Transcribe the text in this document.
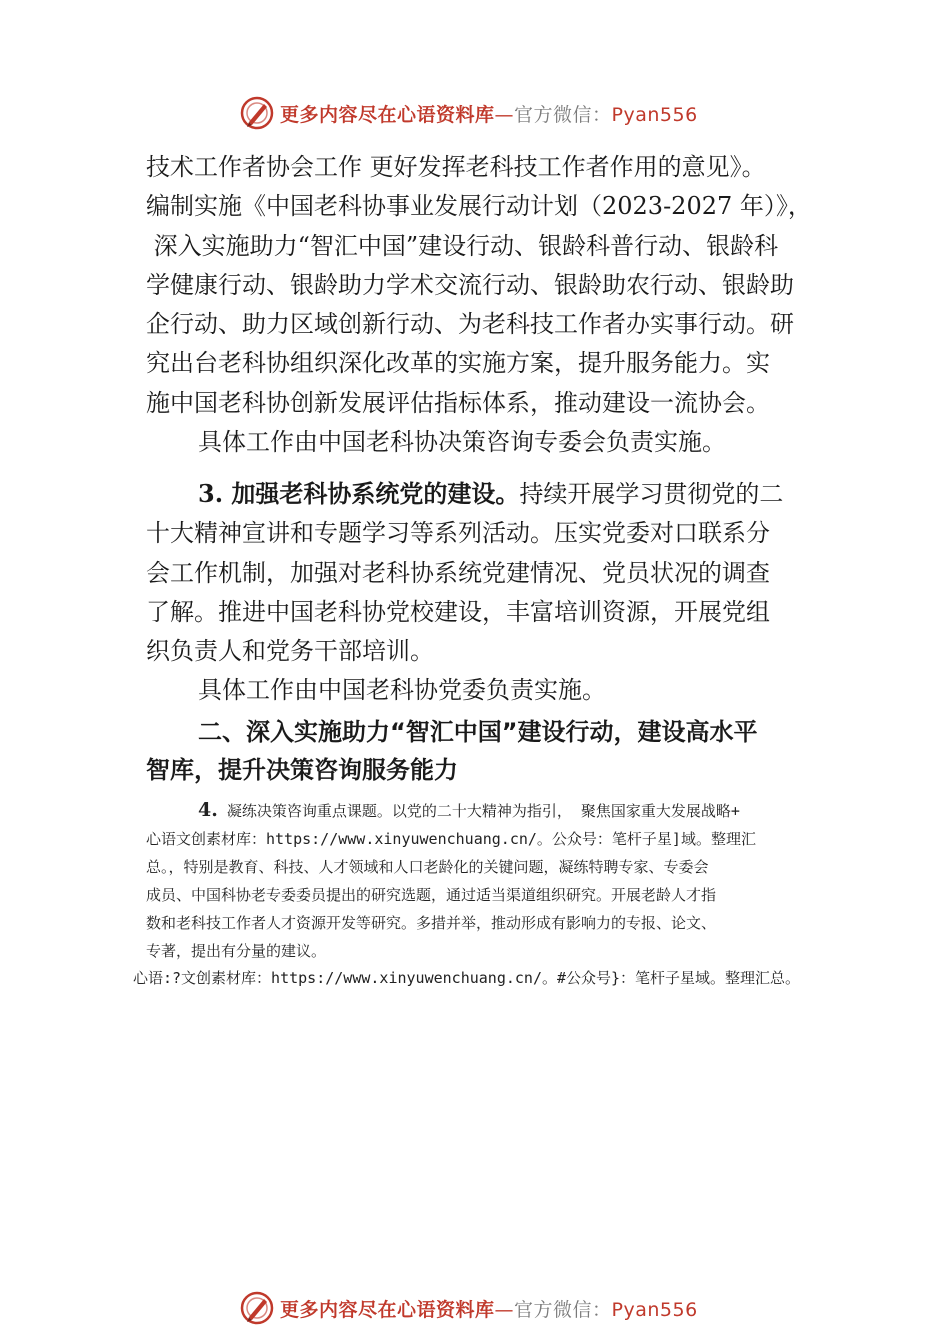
更多内容尽在心语资料库—官方微信：Pyan556
技术工作者协会工作 更好发挥老科技工作者作用的意见》。
编制实施《中国老科协事业发展行动计划（2023-2027 年）》，
深入实施助力“智汇中国”建设行动、银龄科普行动、银龄科
学健康行动、银龄助力学术交流行动、银龄助农行动、银龄助
企行动、助力区域创新行动、为老科技工作者办实事行动。研
究出台老科协组织深化改革的实施方案，提升服务能力。实
施中国老科协创新发展评估指标体系，推动建设一流协会。
具体工作由中国老科协决策咨询专委会负责实施。
3. 加强老科协系统党的建设。持续开展学习贯彻党的二
十大精神宣讲和专题学习等系列活动。压实党委对口联系分
会工作机制，加强对老科协系统党建情况、党员状况的调查
了解。推进中国老科协党校建设，丰富培训资源，开展党组
织负责人和党务干部培训。
具体工作由中国老科协党委负责实施。
二、深入实施助力“智汇中国”建设行动，建设高水平
智库，提升决策咨询服务能力
4. 凝练决策咨询重点课题。以党的二十大精神为指引， 聚焦国家重大发展战略+
心语文创素材库：https://www.xinyuwenchuang.cn/。公众号：笔杆子星]域。整理汇
总。，特别是教育、科技、人才领域和人口老龄化的关键问题，凝练特聘专家、专委会
成员、中国科协老专委委员提出的研究选题，通过适当渠道组织研究。开展老龄人才指
数和老科技工作者人才资源开发等研究。多措并举，推动形成有影响力的专报、论文、
专著，提出有分量的建议。
心语:?文创素材库：https://www.xinyuwenchuang.cn/。#公众号}：笔杆子星域。整理汇总。
更多内容尽在心语资料库—官方微信：Pyan556
